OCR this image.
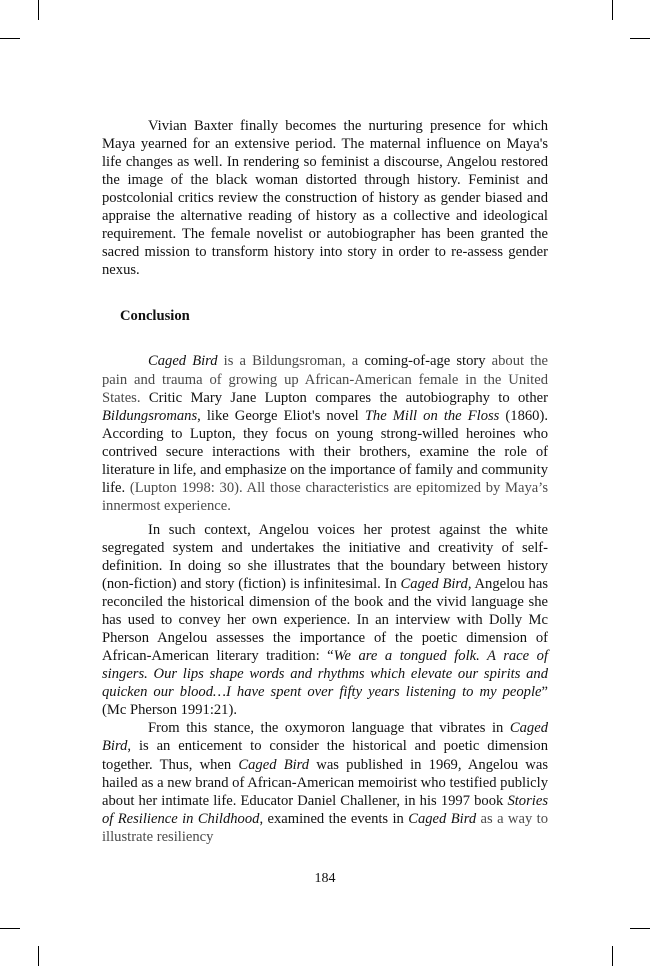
Vivian Baxter finally becomes the nurturing presence for which Maya yearned for an extensive period. The maternal influence on Maya's life changes as well. In rendering so feminist a discourse, Angelou restored the image of the black woman distorted through history. Feminist and postcolonial critics review the construction of history as gender biased and appraise the alternative reading of history as a collective and ideological requirement. The female novelist or autobiographer has been granted the sacred mission to transform history into story in order to re-assess gender nexus.

Conclusion

Caged Bird is a Bildungsroman, a coming-of-age story about the pain and trauma of growing up African-American female in the United States. Critic Mary Jane Lupton compares the autobiography to other Bildungsromans, like George Eliot's novel The Mill on the Floss (1860). According to Lupton, they focus on young strong-willed heroines who contrived secure interactions with their brothers, examine the role of literature in life, and emphasize on the importance of family and community life. (Lupton 1998: 30). All those characteristics are epitomized by Maya’s innermost experience.

In such context, Angelou voices her protest against the white segregated system and undertakes the initiative and creativity of self-definition. In doing so she illustrates that the boundary between history (non-fiction) and story (fiction) is infinitesimal. In Caged Bird, Angelou has reconciled the historical dimension of the book and the vivid language she has used to convey her own experience. In an interview with Dolly Mc Pherson Angelou assesses the importance of the poetic dimension of African-American literary tradition: “We are a tongued folk. A race of singers. Our lips shape words and rhythms which elevate our spirits and quicken our blood…I have spent over fifty years listening to my people” (Mc Pherson 1991:21).

From this stance, the oxymoron language that vibrates in Caged Bird, is an enticement to consider the historical and poetic dimension together. Thus, when Caged Bird was published in 1969, Angelou was hailed as a new brand of African-American memoirist who testified publicly about her intimate life. Educator Daniel Challener, in his 1997 book Stories of Resilience in Childhood, examined the events in Caged Bird as a way to illustrate resiliency

184
